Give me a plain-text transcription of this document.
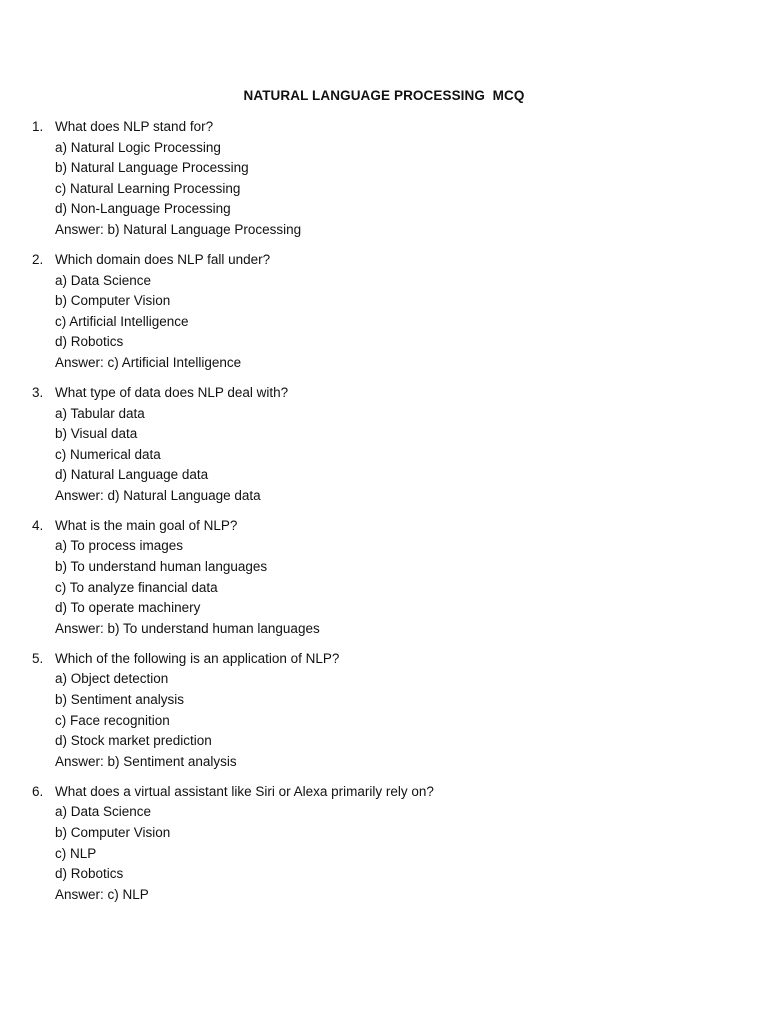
NATURAL LANGUAGE PROCESSING  MCQ
1. What does NLP stand for?
a) Natural Logic Processing
b) Natural Language Processing
c) Natural Learning Processing
d) Non-Language Processing
Answer: b) Natural Language Processing
2. Which domain does NLP fall under?
a) Data Science
b) Computer Vision
c) Artificial Intelligence
d) Robotics
Answer: c) Artificial Intelligence
3. What type of data does NLP deal with?
a) Tabular data
b) Visual data
c) Numerical data
d) Natural Language data
Answer: d) Natural Language data
4. What is the main goal of NLP?
a) To process images
b) To understand human languages
c) To analyze financial data
d) To operate machinery
Answer: b) To understand human languages
5. Which of the following is an application of NLP?
a) Object detection
b) Sentiment analysis
c) Face recognition
d) Stock market prediction
Answer: b) Sentiment analysis
6. What does a virtual assistant like Siri or Alexa primarily rely on?
a) Data Science
b) Computer Vision
c) NLP
d) Robotics
Answer: c) NLP
